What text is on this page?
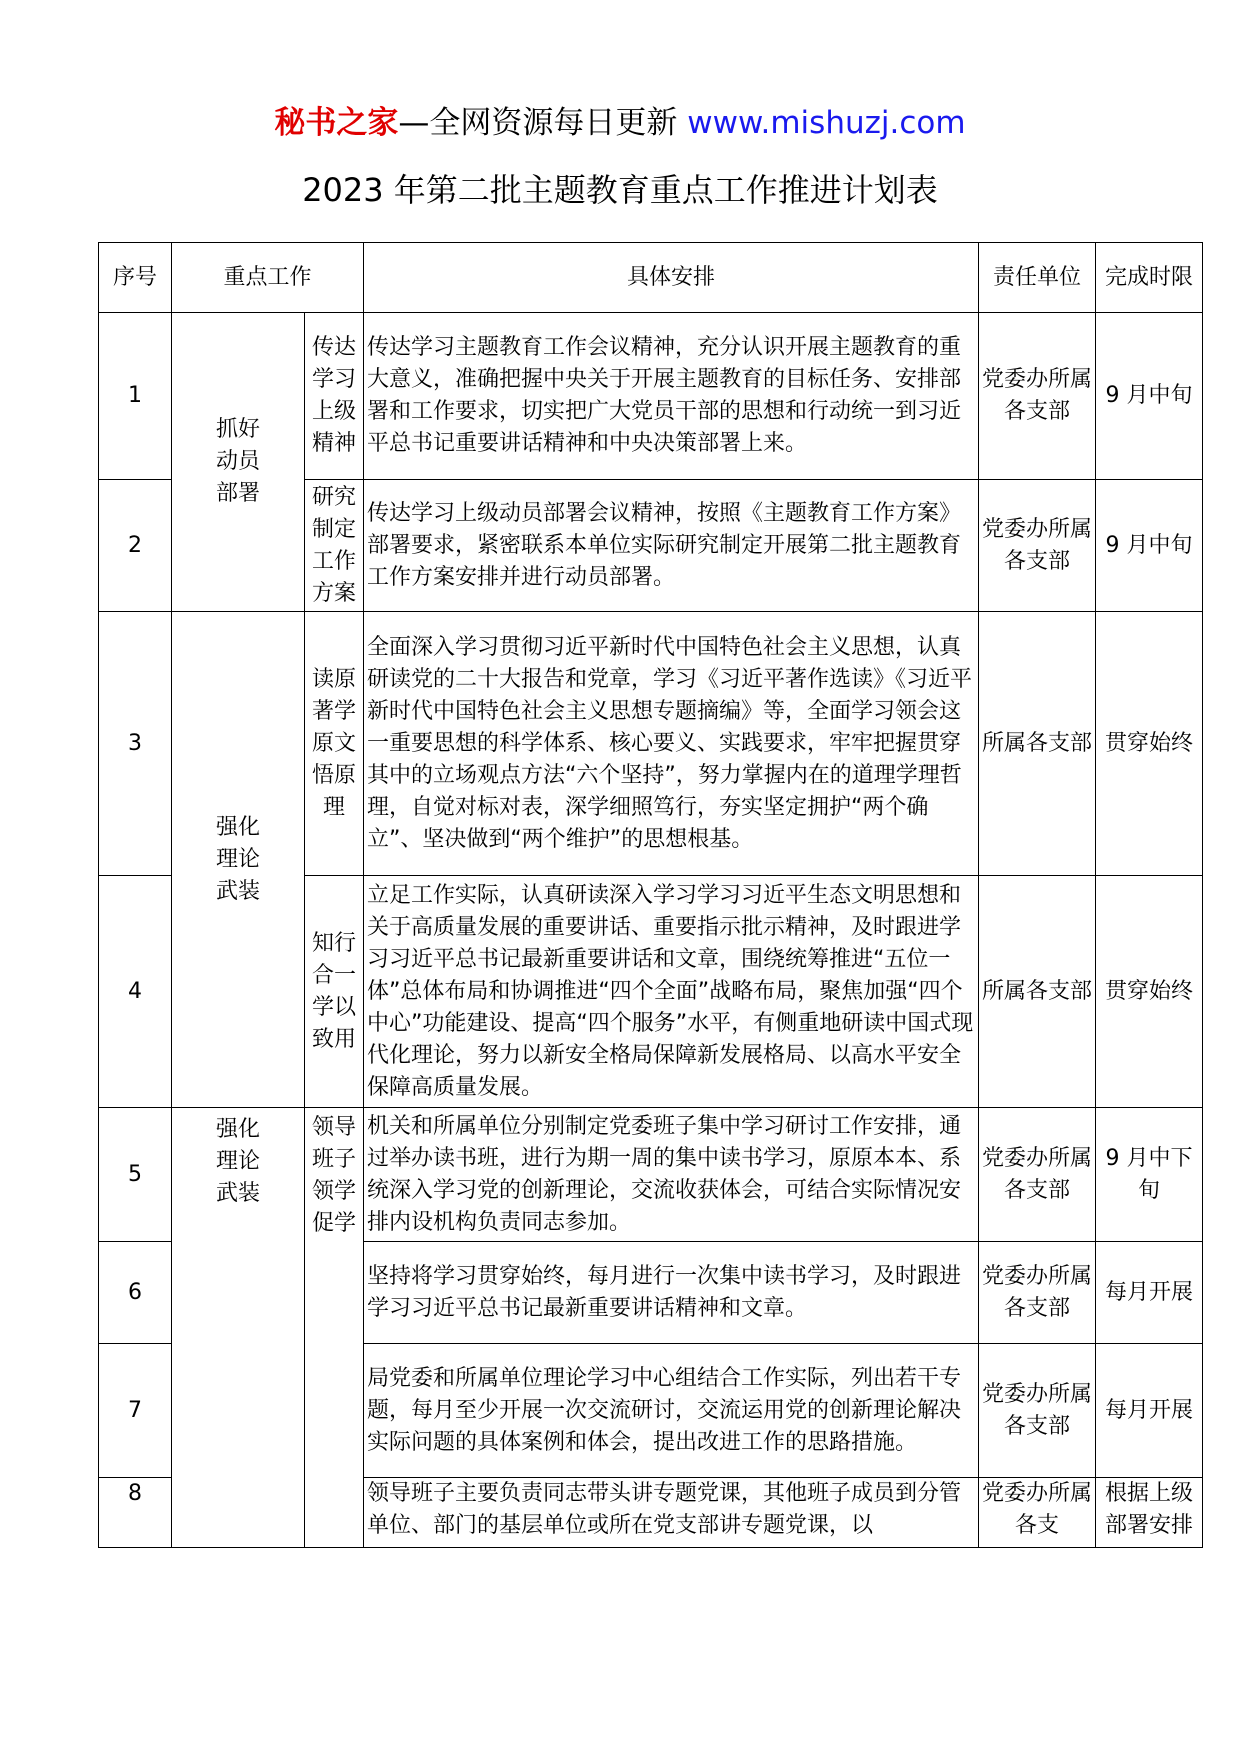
秘书之家—全网资源每日更新 www.mishuzj.com
2023 年第二批主题教育重点工作推进计划表
序号	重点工作		具体安排	责任单位	完成时限
1	抓好动员部署	传达学习上级精神	传达学习主题教育工作会议精神，充分认识开展主题教育的重大意义，准确把握中央关于开展主题教育的目标任务、安排部署和工作要求，切实把广大党员干部的思想和行动统一到习近平总书记重要讲话精神和中央决策部署上来。	党委办所属各支部	9 月中旬
2		研究制定工作方案	传达学习上级动员部署会议精神，按照《主题教育工作方案》部署要求，紧密联系本单位实际研究制定开展第二批主题教育工作方案安排并进行动员部署。	党委办所属各支部	9 月中旬
3	强化理论武装	读原著学原文悟原理	全面深入学习贯彻习近平新时代中国特色社会主义思想，认真研读党的二十大报告和党章，学习《习近平著作选读》《习近平新时代中国特色社会主义思想专题摘编》等，全面学习领会这一重要思想的科学体系、核心要义、实践要求，牢牢把握贯穿其中的立场观点方法“六个坚持”，努力掌握内在的道理学理哲理，自觉对标对表，深学细照笃行，夯实坚定拥护“两个确立”、坚决做到“两个维护”的思想根基。	所属各支部	贯穿始终
4		知行合一学以致用	立足工作实际，认真研读深入学习学习习近平生态文明思想和关于高质量发展的重要讲话、重要指示批示精神，及时跟进学习习近平总书记最新重要讲话和文章，围绕统筹推进“五位一体”总体布局和协调推进“四个全面”战略布局，聚焦加强“四个中心”功能建设、提高“四个服务”水平，有侧重地研读中国式现代化理论，努力以新安全格局保障新发展格局、以高水平安全保障高质量发展。	所属各支部	贯穿始终
5	强化理论武装	领导班子领学促学	机关和所属单位分别制定党委班子集中学习研讨工作安排，通过举办读书班，进行为期一周的集中读书学习，原原本本、系统深入学习党的创新理论，交流收获体会，可结合实际情况安排内设机构负责同志参加。	党委办所属各支部	9 月中下旬
6			坚持将学习贯穿始终，每月进行一次集中读书学习，及时跟进学习习近平总书记最新重要讲话精神和文章。	党委办所属各支部	每月开展
7			局党委和所属单位理论学习中心组结合工作实际，列出若干专题，每月至少开展一次交流研讨，交流运用党的创新理论解决实际问题的具体案例和体会，提出改进工作的思路措施。	党委办所属各支部	每月开展
8			领导班子主要负责同志带头讲专题党课，其他班子成员到分管单位、部门的基层单位或所在党支部讲专题党课，以	党委办所属各支	根据上级部署安排
